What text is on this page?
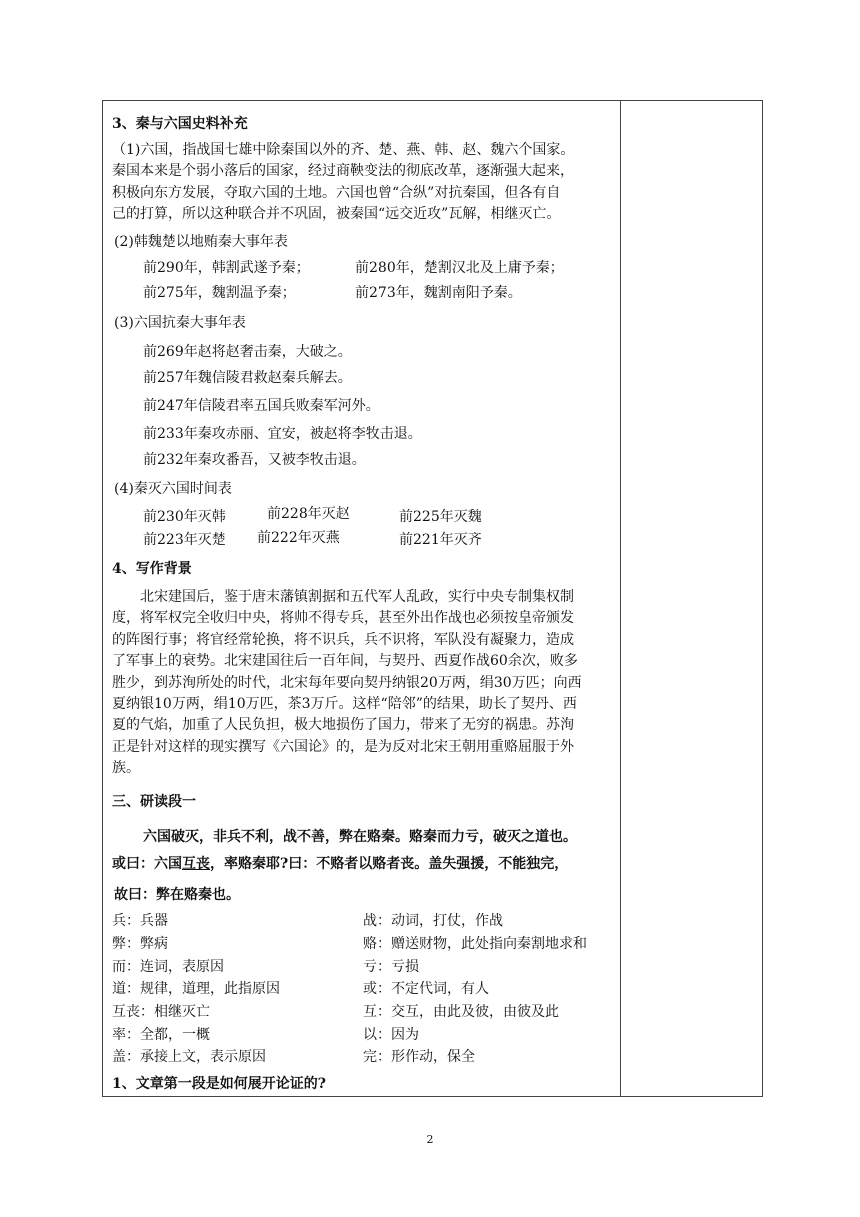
3、秦与六国史料补充
（1)六国，指战国七雄中除秦国以外的齐、楚、燕、韩、赵、魏六个国家。
秦国本来是个弱小落后的国家，经过商鞅变法的彻底改革，逐渐强大起来，
积极向东方发展，夺取六国的土地。六国也曾“合纵”对抗秦国，但各有自
己的打算，所以这种联合并不巩固，被秦国“远交近攻”瓦解，相继灭亡。
(2)韩魏楚以地贿秦大事年表
前290年，韩割武遂予秦；	前280年，楚割汉北及上庸予秦；
前275年，魏割温予秦；	前273年，魏割南阳予秦。
(3)六国抗秦大事年表
前269年赵将赵奢击秦，大破之。
前257年魏信陵君救赵秦兵解去。
前247年信陵君率五国兵败秦军河外。
前233年秦攻赤丽、宜安，被赵将李牧击退。
前232年秦攻番吾，又被李牧击退。
(4)秦灭六国时间表
前230年灭韩	前228年灭赵	前225年灭魏
前223年灭楚 前222年灭燕	前221年灭齐
4、写作背景
北宋建国后，鉴于唐末藩镇割据和五代军人乱政，实行中央专制集权制
度，将军权完全收归中央，将帅不得专兵，甚至外出作战也必须按皇帝颁发
的阵图行事；将官经常轮换，将不识兵，兵不识将，军队没有凝聚力，造成
了军事上的衰势。北宋建国往后一百年间，与契丹、西夏作战60余次，败多
胜少，到苏洵所处的时代，北宋每年要向契丹纳银20万两，绢30万匹；向西
夏纳银10万两，绢10万匹，茶3万斤。这样“陪邻”的结果，助长了契丹、西
夏的气焰，加重了人民负担，极大地损伤了国力，带来了无穷的祸患。苏洵
正是针对这样的现实撰写《六国论》的，是为反对北宋王朝用重赂屈服于外
族。
三、研读段一
六国破灭，非兵不利，战不善，弊在赂秦。赂秦而力亏，破灭之道也。
或曰：六国互丧，率赂秦耶?曰：不赂者以赂者丧。盖失强援，不能独完，
故曰：弊在赂秦也。
兵：兵器	战：动词，打仗，作战
弊：弊病	赂：赠送财物，此处指向秦割地求和
而：连词，表原因	亏：亏损
道：规律，道理，此指原因	或：不定代词，有人
互丧：相继灭亡	互：交互，由此及彼，由彼及此
率：全都，一概	以：因为
盖：承接上文，表示原因	完：形作动，保全
1、文章第一段是如何展开论证的?
2
